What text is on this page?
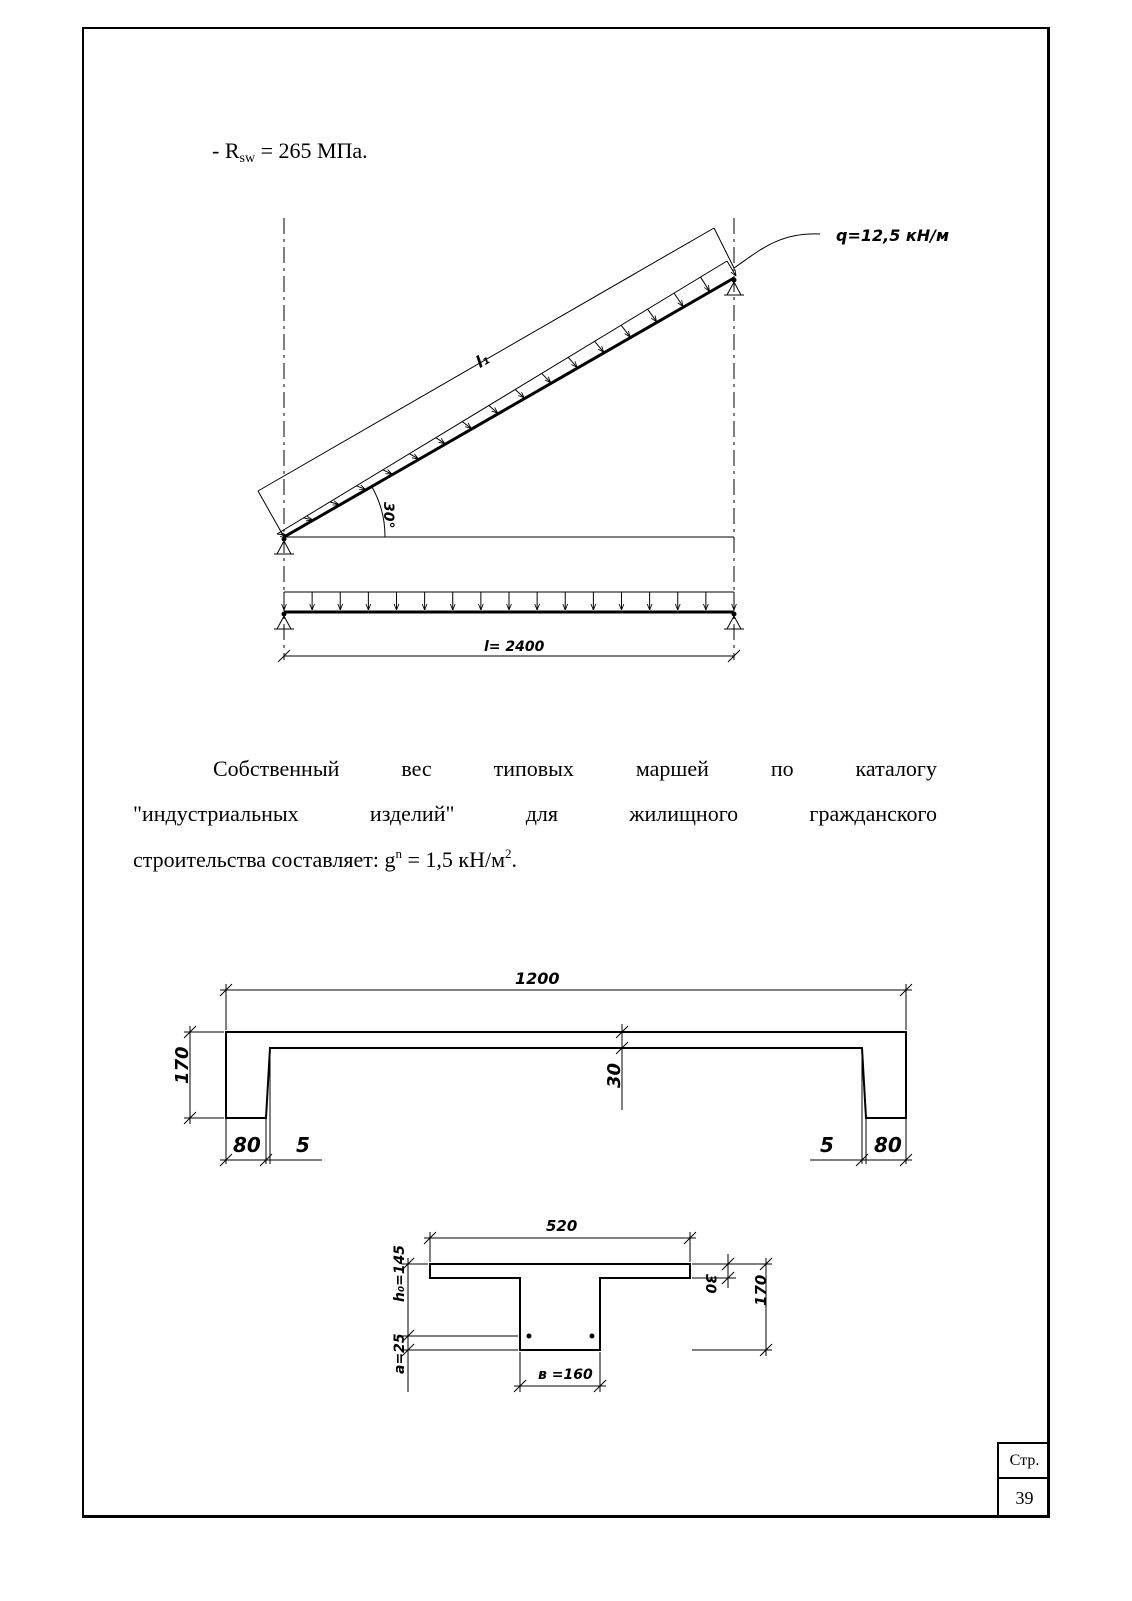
- $R_{sw} = 265$ МПа.
q=12,5 кН/м
l₁
30°
l= 2400
1200
170	30
80 5	5 80
520
30 170
h₀=145
a=25
в =160
Собственный	вес	типовых	маршей	по	каталогу
"индустриальных	изделий"	для	жилищного	гражданского
строительства составляет: $g^n = 1,5$ $кН/м^2$.
Стр.
39
